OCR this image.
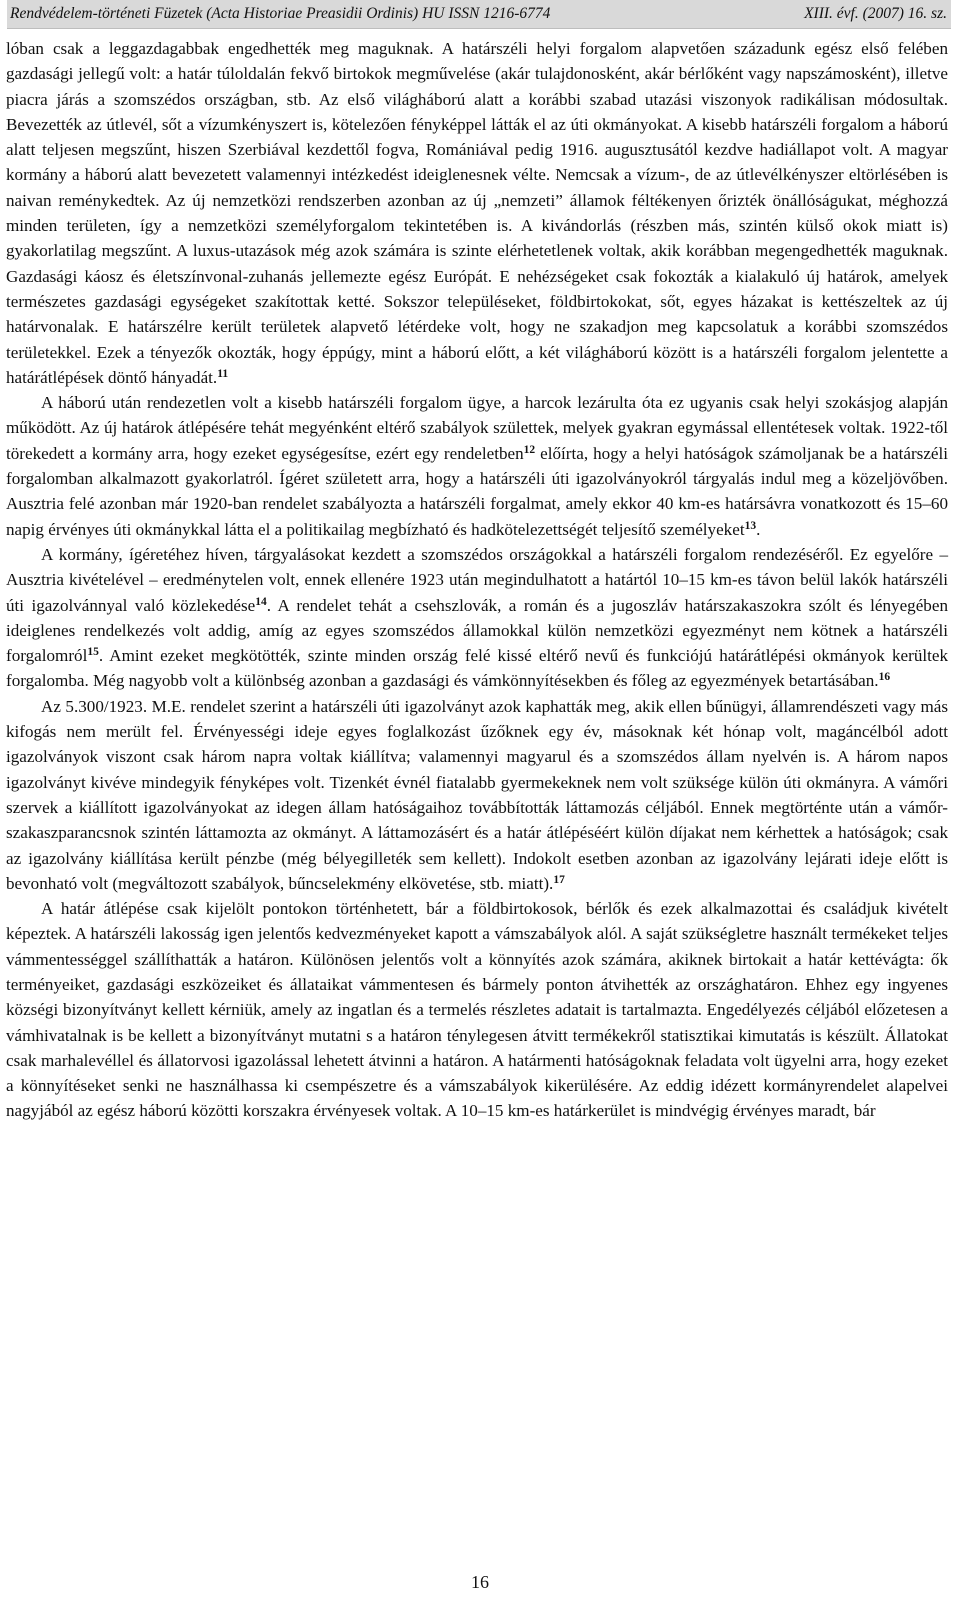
Rendvédelem-történeti Füzetek (Acta Historiae Preasidii Ordinis) HU ISSN 1216-6774	XIII. évf. (2007) 16. sz.

lóban csak a leggazdagabbak engedhették meg maguknak. A határszéli helyi forgalom alapvetően századunk egész első felében gazdasági jellegű volt: a határ túloldalán fekvő birtokok megművelése (akár tulajdonosként, akár bérlőként vagy napszámosként), illetve piacra járás a szomszédos országban, stb. Az első világháború alatt a korábbi szabad utazási viszonyok radikálisan módosultak. Bevezették az útlevél, sőt a vízumkényszert is, kötelezően fényképpel látták el az úti okmányokat. A kisebb határszéli forgalom a háború alatt teljesen megszűnt, hiszen Szerbiával kezdettől fogva, Romániával pedig 1916. augusztusától kezdve hadiállapot volt. A magyar kormány a háború alatt bevezetett valamennyi intézkedést ideiglenesnek vélte. Nemcsak a vízum-, de az útlevélkényszer eltörlésében is naivan reménykedtek. Az új nemzetközi rendszerben azonban az új „nemzeti” államok féltékenyen őrizték önállóságukat, méghozzá minden területen, így a nemzetközi személyforgalom tekintetében is. A kivándorlás (részben más, szintén külső okok miatt is) gyakorlatilag megszűnt. A luxus-utazások még azok számára is szinte elérhetetlenek voltak, akik korábban megengedhették maguknak. Gazdasági káosz és életszínvonal-zuhanás jellemezte egész Európát. E nehézségeket csak fokozták a kialakuló új határok, amelyek természetes gazdasági egységeket szakítottak ketté. Sokszor településeket, földbirtokokat, sőt, egyes házakat is kettészeltek az új határvonalak. E határszélre került területek alapvető létérdeke volt, hogy ne szakadjon meg kapcsolatuk a korábbi szomszédos területekkel. Ezek a tényezők okozták, hogy éppúgy, mint a háború előtt, a két világháború között is a határszéli forgalom jelentette a határátlépések döntő hányadát.$^{11}$

A háború után rendezetlen volt a kisebb határszéli forgalom ügye, a harcok lezárulta óta ez ugyanis csak helyi szokásjog alapján működött. Az új határok átlépésére tehát megyénként eltérő szabályok születtek, melyek gyakran egymással ellentétesek voltak. 1922-től törekedett a kormány arra, hogy ezeket egységesítse, ezért egy rendeletben$^{12}$ előírta, hogy a helyi hatóságok számoljanak be a határszéli forgalomban alkalmazott gyakorlatról. Ígéret született arra, hogy a határszéli úti igazolványokról tárgyalás indul meg a közeljövőben. Ausztria felé azonban már 1920-ban rendelet szabályozta a határszéli forgalmat, amely ekkor 40 km-es határsávra vonatkozott és 15–60 napig érvényes úti okmánykkal látta el a politikailag megbízható és hadkötelezettségét teljesítő személyeket$^{13}$.

A kormány, ígéretéhez híven, tárgyalásokat kezdett a szomszédos országokkal a határszéli forgalom rendezéséről. Ez egyelőre – Ausztria kivételével – eredménytelen volt, ennek ellenére 1923 után megindulhatott a határtól 10–15 km-es távon belül lakók határszéli úti igazolvánnyal való közlekedése$^{14}$. A rendelet tehát a csehszlovák, a román és a jugoszláv határszakaszokra szólt és lényegében ideiglenes rendelkezés volt addig, amíg az egyes szomszédos államokkal külön nemzetközi egyezményt nem kötnek a határszéli forgalomról$^{15}$. Amint ezeket megkötötték, szinte minden ország felé kissé eltérő nevű és funkciójú határátlépési okmányok kerültek forgalomba. Még nagyobb volt a különbség azonban a gazdasági és vámkönnyítésekben és főleg az egyezmények betartásában.$^{16}$

Az 5.300/1923. M.E. rendelet szerint a határszéli úti igazolványt azok kaphatták meg, akik ellen bűnügyi, államrendészeti vagy más kifogás nem merült fel. Érvényességi ideje egyes foglalkozást űzőknek egy év, másoknak két hónap volt, magáncélból adott igazolványok viszont csak három napra voltak kiállítva; valamennyi magyarul és a szomszédos állam nyelvén is. A három napos igazolványt kivéve mindegyik fényképes volt. Tizenkét évnél fiatalabb gyermekeknek nem volt szüksége külön úti okmányra. A vámőri szervek a kiállított igazolványokat az idegen állam hatóságaihoz továbbították láttamozás céljából. Ennek megtörténte után a vámőr-szakaszparancsnok szintén láttamozta az okmányt. A láttamozásért és a határ átlépéséért külön díjakat nem kérhettek a hatóságok; csak az igazolvány kiállítása került pénzbe (még bélyegilleték sem kellett). Indokolt esetben azonban az igazolvány lejárati ideje előtt is bevonható volt (megváltozott szabályok, bűncselekmény elkövetése, stb. miatt).$^{17}$

A határ átlépése csak kijelölt pontokon történhetett, bár a földbirtokosok, bérlők és ezek alkalmazottai és családjuk kivételt képeztek. A határszéli lakosság igen jelentős kedvezményeket kapott a vámszabályok alól. A saját szükségletre használt termékeket teljes vámmentességgel szállíthatták a határon. Különösen jelentős volt a könnyítés azok számára, akiknek birtokait a határ kettévágta: ők terményeiket, gazdasági eszközeiket és állataikat vámmentesen és bármely ponton átvihették az országhatáron. Ehhez egy ingyenes községi bizonyítványt kellett kérniük, amely az ingatlan és a termelés részletes adatait is tartalmazta. Engedélyezés céljából előzetesen a vámhivatalnak is be kellett a bizonyítványt mutatni s a határon ténylegesen átvitt termékekről statisztikai kimutatás is készült. Állatokat csak marhalevéllel és állatorvosi igazolással lehetett átvinni a határon. A határmenti hatóságoknak feladata volt ügyelni arra, hogy ezeket a könnyítéseket senki ne használhassa ki csempészetre és a vámszabályok kikerülésére. Az eddig idézett kormányrendelet alapelvei nagyjából az egész háború közötti korszakra érvényesek voltak. A 10–15 km-es határkerület is mindvégig érvényes maradt, bár

16
